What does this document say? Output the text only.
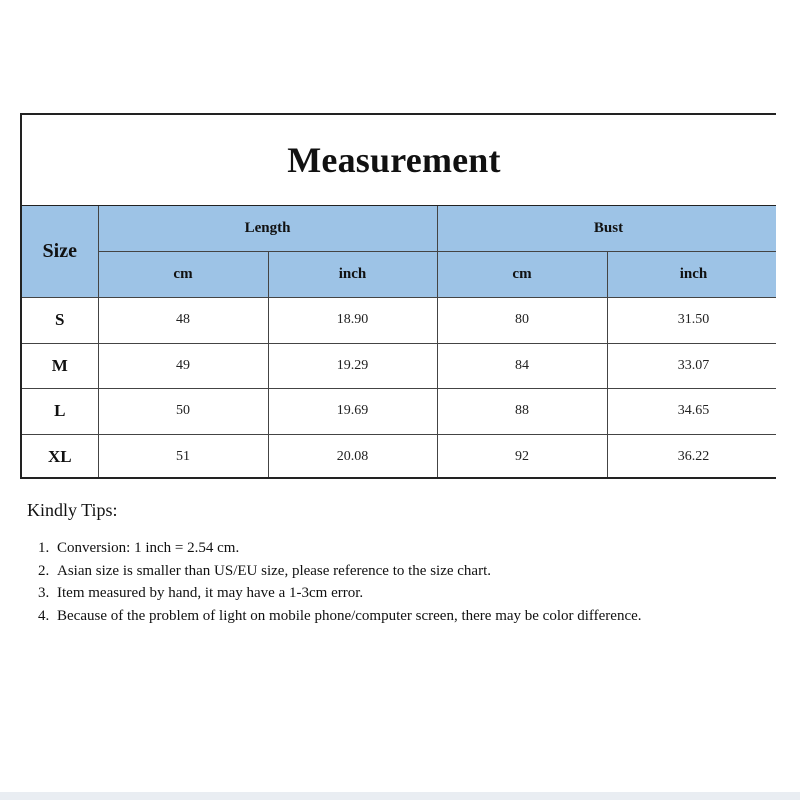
Measurement
Size	Length		Bust	
	cm	inch	cm	inch
S	48	18.90	80	31.50
M	49	19.29	84	33.07
L	50	19.69	88	34.65
XL	51	20.08	92	36.22
Kindly Tips:
1. Conversion: 1 inch = 2.54 cm.
2. Asian size is smaller than US/EU size, please reference to the size chart.
3. Item measured by hand, it may have a 1-3cm error.
4. Because of the problem of light on mobile phone/computer screen, there may be color difference.
